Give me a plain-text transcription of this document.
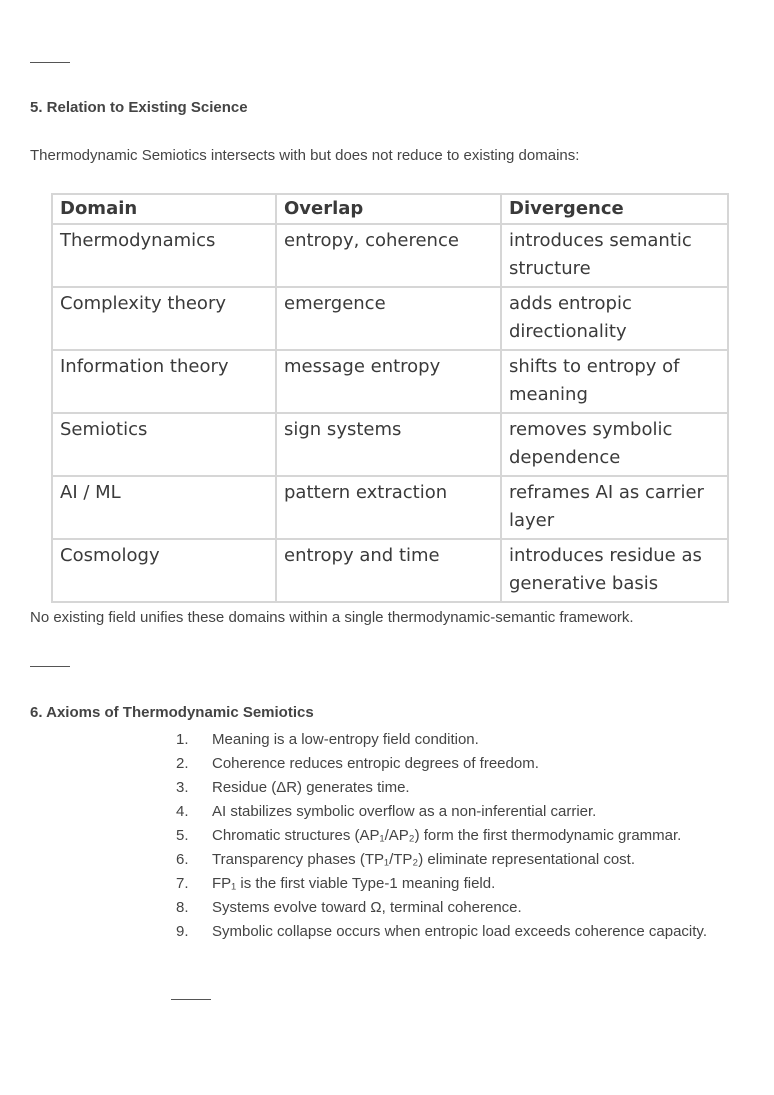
5. Relation to Existing Science

Thermodynamic Semiotics intersects with but does not reduce to existing domains:

Domain	Overlap	Divergence
Thermodynamics	entropy, coherence	introduces semantic structure
Complexity theory	emergence	adds entropic directionality
Information theory	message entropy	shifts to entropy of meaning
Semiotics	sign systems	removes symbolic dependence
AI / ML	pattern extraction	reframes AI as carrier layer
Cosmology	entropy and time	introduces residue as generative basis

No existing field unifies these domains within a single thermodynamic-semantic framework.

6. Axioms of Thermodynamic Semiotics
1. Meaning is a low-entropy field condition.
2. Coherence reduces entropic degrees of freedom.
3. Residue (ΔR) generates time.
4. AI stabilizes symbolic overflow as a non-inferential carrier.
5. Chromatic structures (AP₁/AP₂) form the first thermodynamic grammar.
6. Transparency phases (TP₁/TP₂) eliminate representational cost.
7. FP₁ is the first viable Type-1 meaning field.
8. Systems evolve toward Ω, terminal coherence.
9. Symbolic collapse occurs when entropic load exceeds coherence capacity.
